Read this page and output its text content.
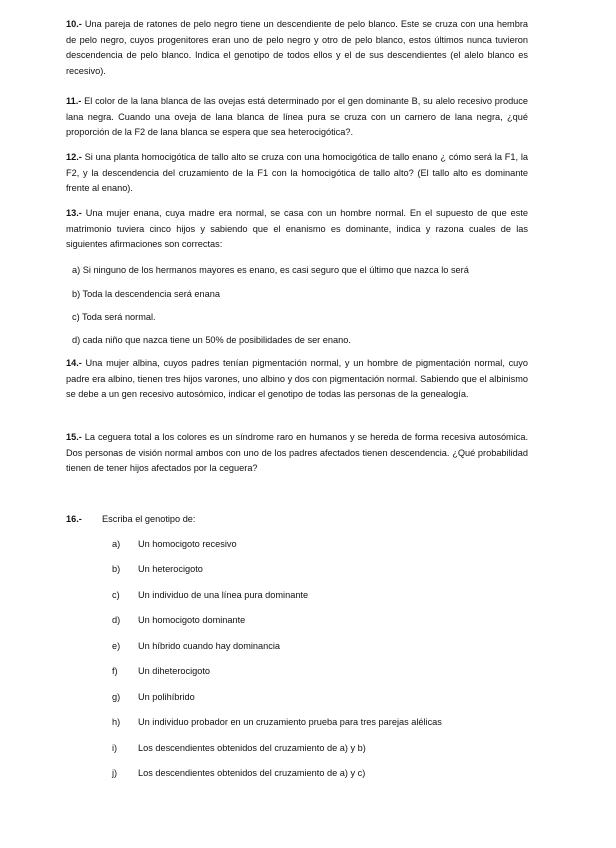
10.- Una pareja de ratones de pelo negro tiene un descendiente de pelo blanco. Este se cruza con una hembra de pelo negro, cuyos progenitores eran uno de pelo negro y otro de pelo blanco, estos últimos nunca tuvieron descendencia de pelo blanco. Indica el genotipo de todos ellos y el de sus descendientes (el alelo blanco es recesivo).

11.- El color de la lana blanca de las ovejas está determinado por el gen dominante B, su alelo recesivo produce lana negra. Cuando una oveja de lana blanca de línea pura se cruza con un carnero de lana negra, ¿qué proporción de la F2 de lana blanca se espera que sea heterocigótica?.

12.- Si una planta homocigótica de tallo alto se cruza con una homocigótica de tallo enano ¿ cómo será la F1, la F2, y la descendencia del cruzamiento de la F1 con la homocigótica de tallo alto? (El tallo alto es dominante frente al enano).

13.- Una mujer enana, cuya madre era normal, se casa con un hombre normal. En el supuesto de que este matrimonio tuviera cinco hijos y sabiendo que el enanismo es dominante, indica y razona cuales de las siguientes afirmaciones son correctas:

a) Si ninguno de los hermanos mayores es enano, es casi seguro que el último que nazca lo será

b) Toda la descendencia será enana

c) Toda será normal.

d) cada niño que nazca tiene un 50% de posibilidades de ser enano.

14.- Una mujer albina, cuyos padres tenían pigmentación normal, y un hombre de pigmentación normal, cuyo padre era albino, tienen tres hijos varones, uno albino y dos con pigmentación normal. Sabiendo que el albinismo se debe a un gen recesivo autosómico, indicar el genotipo de todas las personas de la genealogía.

15.- La ceguera total a los colores es un síndrome raro en humanos y se hereda de forma recesiva autosómica. Dos personas de visión normal ambos con uno de los padres afectados tienen descendencia. ¿Qué probabilidad tienen de tener hijos afectados por la ceguera?

16.- Escriba el genotipo de:
a) Un homocigoto recesivo
b) Un heterocigoto
c) Un individuo de una línea pura dominante
d) Un homocigoto dominante
e) Un híbrido cuando hay dominancia
f) Un diheterocigoto
g) Un polihíbrido
h) Un individuo probador en un cruzamiento prueba para tres parejas alélicas
i) Los descendientes obtenidos del cruzamiento de a) y b)
j) Los descendientes obtenidos del cruzamiento de a) y c)
